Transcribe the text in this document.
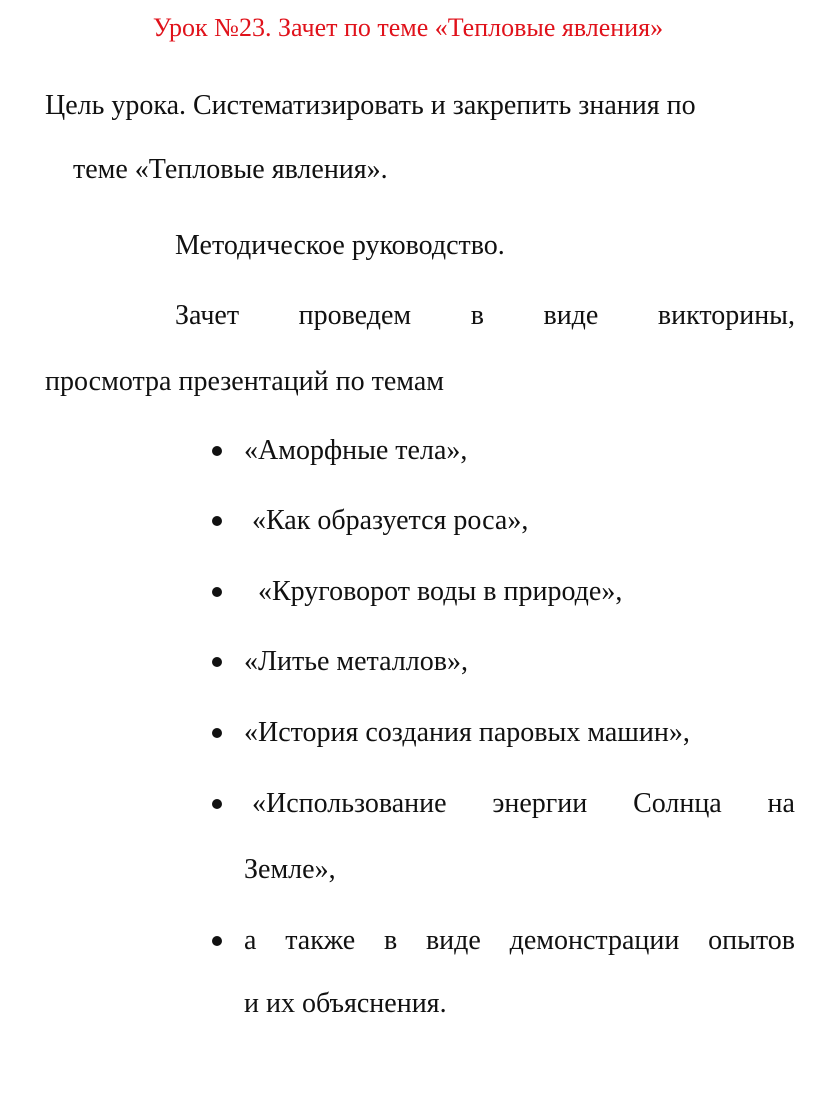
Урок №23. Зачет по теме «Тепловые явления»
Цель урока. Систематизировать и закрепить знания по
теме «Тепловые явления».
Методическое руководство.
Зачет проведем в виде викторины,
просмотра презентаций по темам
«Аморфные тела»,
«Как образуется роса»,
«Круговорот воды в природе»,
«Литье металлов»,
«История создания паровых машин»,
«Использование энергии Солнца на
Земле»,
а также в виде демонстрации опытов
и их объяснения.
